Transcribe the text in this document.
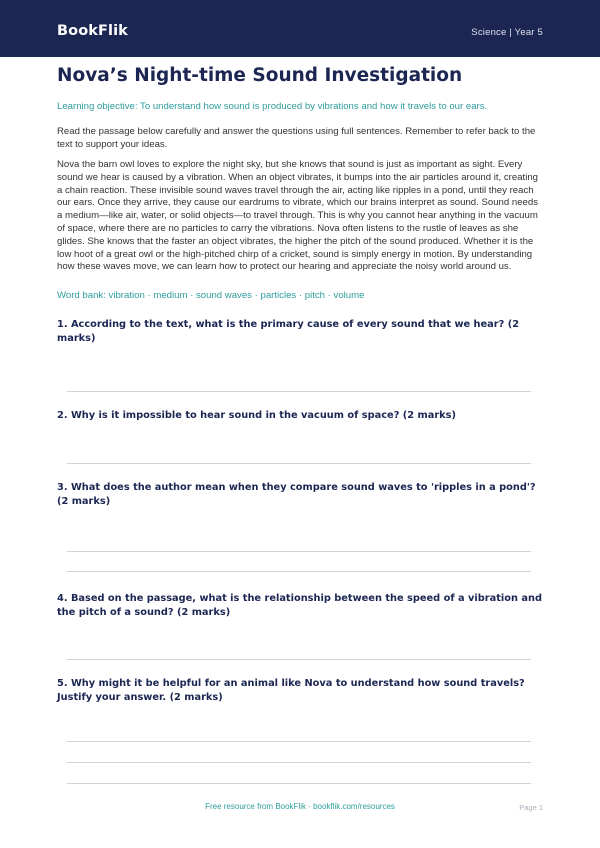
BookFlik	Science | Year 5
Nova’s Night-time Sound Investigation
Learning objective: To understand how sound is produced by vibrations and how it travels to our ears.
Read the passage below carefully and answer the questions using full sentences. Remember to refer back to the text to support your ideas.
Nova the barn owl loves to explore the night sky, but she knows that sound is just as important as sight. Every sound we hear is caused by a vibration. When an object vibrates, it bumps into the air particles around it, creating a chain reaction. These invisible sound waves travel through the air, acting like ripples in a pond, until they reach our ears. Once they arrive, they cause our eardrums to vibrate, which our brains interpret as sound. Sound needs a medium—like air, water, or solid objects—to travel through. This is why you cannot hear anything in the vacuum of space, where there are no particles to carry the vibrations. Nova often listens to the rustle of leaves as she glides. She knows that the faster an object vibrates, the higher the pitch of the sound produced. Whether it is the low hoot of a great owl or the high-pitched chirp of a cricket, sound is simply energy in motion. By understanding how these waves move, we can learn how to protect our hearing and appreciate the noisy world around us.
Word bank: vibration · medium · sound waves · particles · pitch · volume
1. According to the text, what is the primary cause of every sound that we hear? (2 marks)
2. Why is it impossible to hear sound in the vacuum of space? (2 marks)
3. What does the author mean when they compare sound waves to 'ripples in a pond'? (2 marks)
4. Based on the passage, what is the relationship between the speed of a vibration and the pitch of a sound? (2 marks)
5. Why might it be helpful for an animal like Nova to understand how sound travels? Justify your answer. (2 marks)
Free resource from BookFlik · bookflik.com/resources	Page 1
